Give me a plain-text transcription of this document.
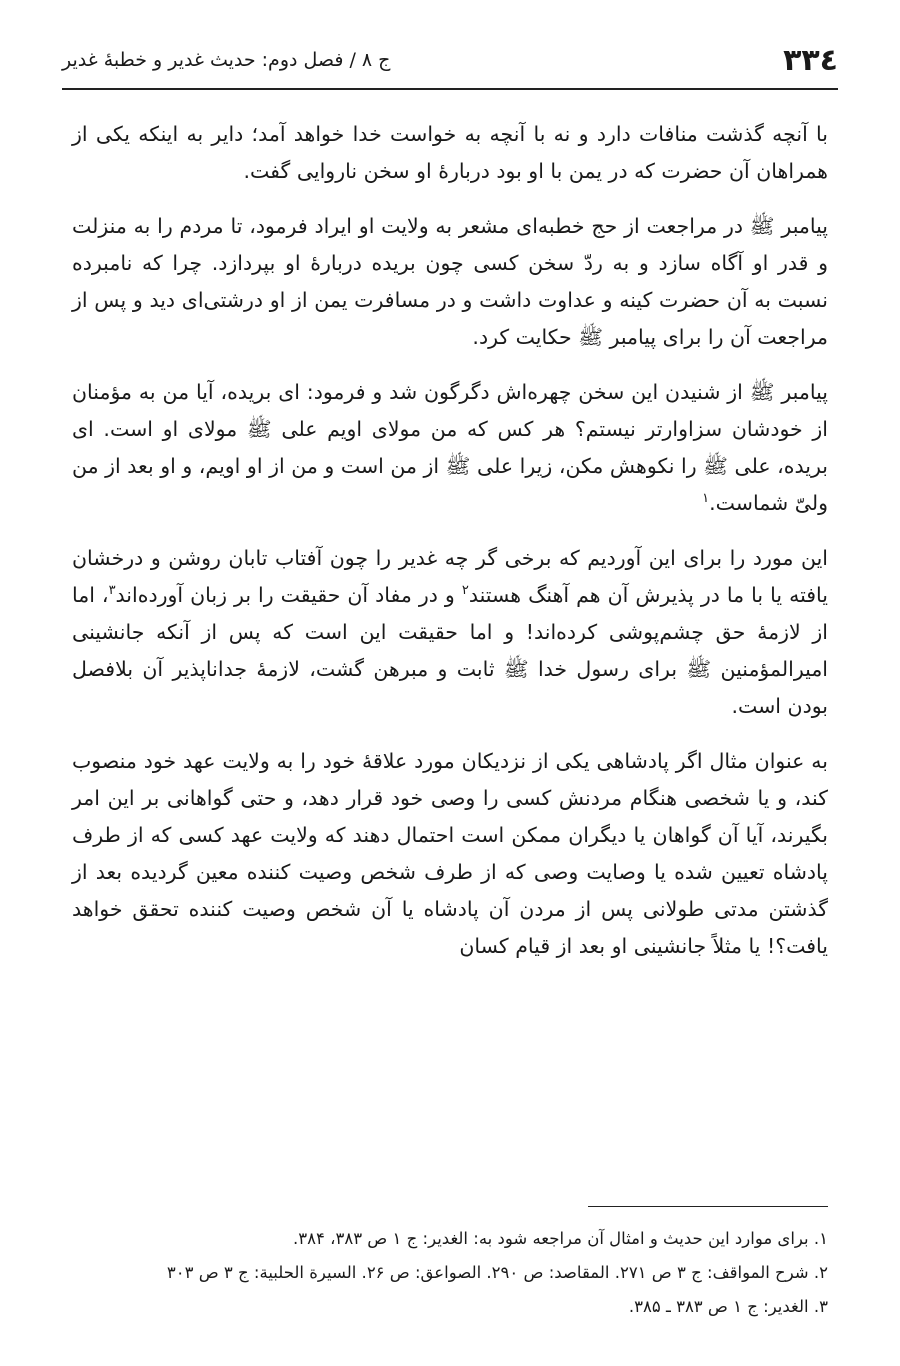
۳۳٤
ج ۸ / فصل دوم: حديث غدير و خطبهٔ غدير

با آنچه گذشت منافات دارد و نه با آنچه به خواست خدا خواهد آمد؛ داير به اينكه يكى از همراهان آن حضرت كه در يمن با او بود دربارهٔ او سخن ناروايى گفت.

پيامبر ﷺ در مراجعت از حج خطبه‌اى مشعر به ولايت او ايراد فرمود، تا مردم را به منزلت و قدر او آگاه سازد و به ردّ سخن كسى چون بريده دربارهٔ او بپردازد. چرا كه نامبرده نسبت به آن حضرت كينه و عداوت داشت و در مسافرت يمن از او درشتى‌اى ديد و پس از مراجعت آن را براى پيامبر ﷺ حكايت كرد.

پيامبر ﷺ از شنيدن اين سخن چهره‌اش دگرگون شد و فرمود: اى بريده، آيا من به مؤمنان از خودشان سزاوارتر نيستم؟ هر كس كه من مولاى اويم على ﷺ مولاى او است. اى بريده، على ﷺ را نكوهش مكن، زيرا على ﷺ از من است و من از او اويم، و او بعد از من ولىّ شماست.$^۱$

اين مورد را براى اين آورديم كه برخى گر چه غدير را چون آفتاب تابان روشن و درخشان يافته يا با ما در پذيرش آن هم آهنگ هستند$^۲$ و در مفاد آن حقيقت را بر زبان آورده‌اند$^۳$، اما از لازمهٔ حق چشم‌پوشى كرده‌اند! و اما حقيقت اين است كه پس از آنكه جانشينى اميرالمؤمنين ﷺ براى رسول خدا ﷺ ثابت و مبرهن گشت، لازمهٔ جداناپذير آن بلافصل بودن است.

به عنوان مثال اگر پادشاهى يكى از نزديكان مورد علاقهٔ خود را به ولايت عهد خود منصوب كند، و يا شخصى هنگام مردنش كسى را وصى خود قرار دهد، و حتى گواهانى بر اين امر بگيرند، آيا آن گواهان يا ديگران ممكن است احتمال دهند كه ولايت عهد كسى كه از طرف پادشاه تعيين شده يا وصايت وصى كه از طرف شخص وصيت كننده معين گرديده بعد از گذشتن مدتى طولانى پس از مردن آن پادشاه يا آن شخص وصيت كننده تحقق خواهد يافت؟! يا مثلاً جانشينى او بعد از قيام كسان

۱. براى موارد اين حديث و امثال آن مراجعه شود به: الغدير: ج ۱ ص ۳۸۳، ۳۸۴.

۲. شرح المواقف: ج ۳ ص ۲۷۱. المقاصد: ص ۲۹۰. الصواعق: ص ۲۶. السيرة الحلبية: ج ۳ ص ۳۰۳

۳. الغدير: ج ۱ ص ۳۸۳ ـ ۳۸۵.
